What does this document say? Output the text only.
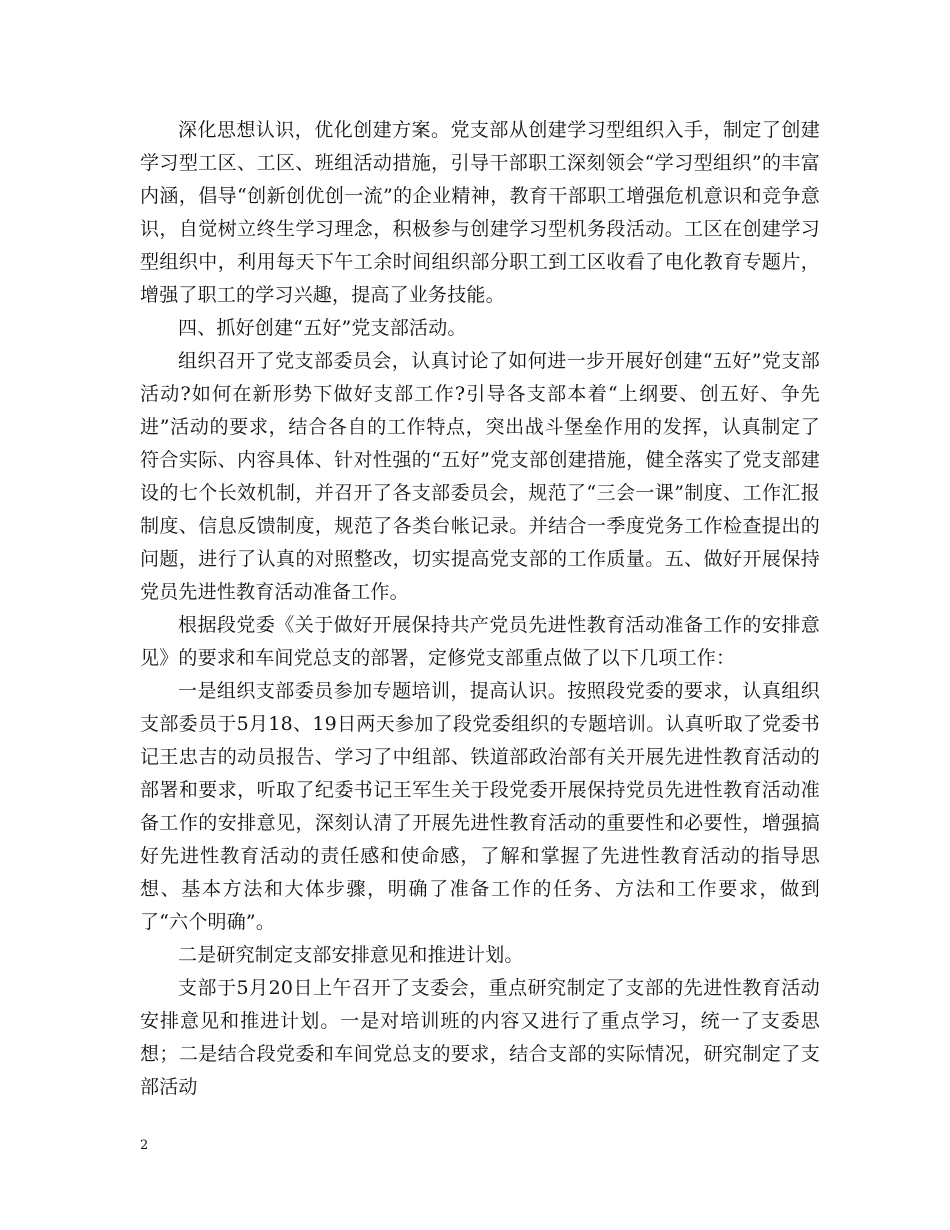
深化思想认识，优化创建方案。党支部从创建学习型组织入手，制定了创建学习型工区、工区、班组活动措施，引导干部职工深刻领会“学习型组织”的丰富内涵，倡导“创新创优创一流”的企业精神，教育干部职工增强危机意识和竞争意识，自觉树立终生学习理念，积极参与创建学习型机务段活动。工区在创建学习型组织中，利用每天下午工余时间组织部分职工到工区收看了电化教育专题片，增强了职工的学习兴趣，提高了业务技能。

四、抓好创建“五好”党支部活动。

组织召开了党支部委员会，认真讨论了如何进一步开展好创建“五好”党支部活动?如何在新形势下做好支部工作?引导各支部本着“上纲要、创五好、争先进”活动的要求，结合各自的工作特点，突出战斗堡垒作用的发挥，认真制定了符合实际、内容具体、针对性强的“五好”党支部创建措施，健全落实了党支部建设的七个长效机制，并召开了各支部委员会，规范了“三会一课”制度、工作汇报制度、信息反馈制度，规范了各类台帐记录。并结合一季度党务工作检查提出的问题，进行了认真的对照整改，切实提高党支部的工作质量。五、做好开展保持党员先进性教育活动准备工作。

根据段党委《关于做好开展保持共产党员先进性教育活动准备工作的安排意见》的要求和车间党总支的部署，定修党支部重点做了以下几项工作：

一是组织支部委员参加专题培训，提高认识。按照段党委的要求，认真组织支部委员于5月18、19日两天参加了段党委组织的专题培训。认真听取了党委书记王忠吉的动员报告、学习了中组部、铁道部政治部有关开展先进性教育活动的部署和要求，听取了纪委书记王军生关于段党委开展保持党员先进性教育活动准备工作的安排意见，深刻认清了开展先进性教育活动的重要性和必要性，增强搞好先进性教育活动的责任感和使命感，了解和掌握了先进性教育活动的指导思想、基本方法和大体步骤，明确了准备工作的任务、方法和工作要求，做到了“六个明确”。

二是研究制定支部安排意见和推进计划。

支部于5月20日上午召开了支委会，重点研究制定了支部的先进性教育活动安排意见和推进计划。一是对培训班的内容又进行了重点学习，统一了支委思想；二是结合段党委和车间党总支的要求，结合支部的实际情况，研究制定了支部活动

2
